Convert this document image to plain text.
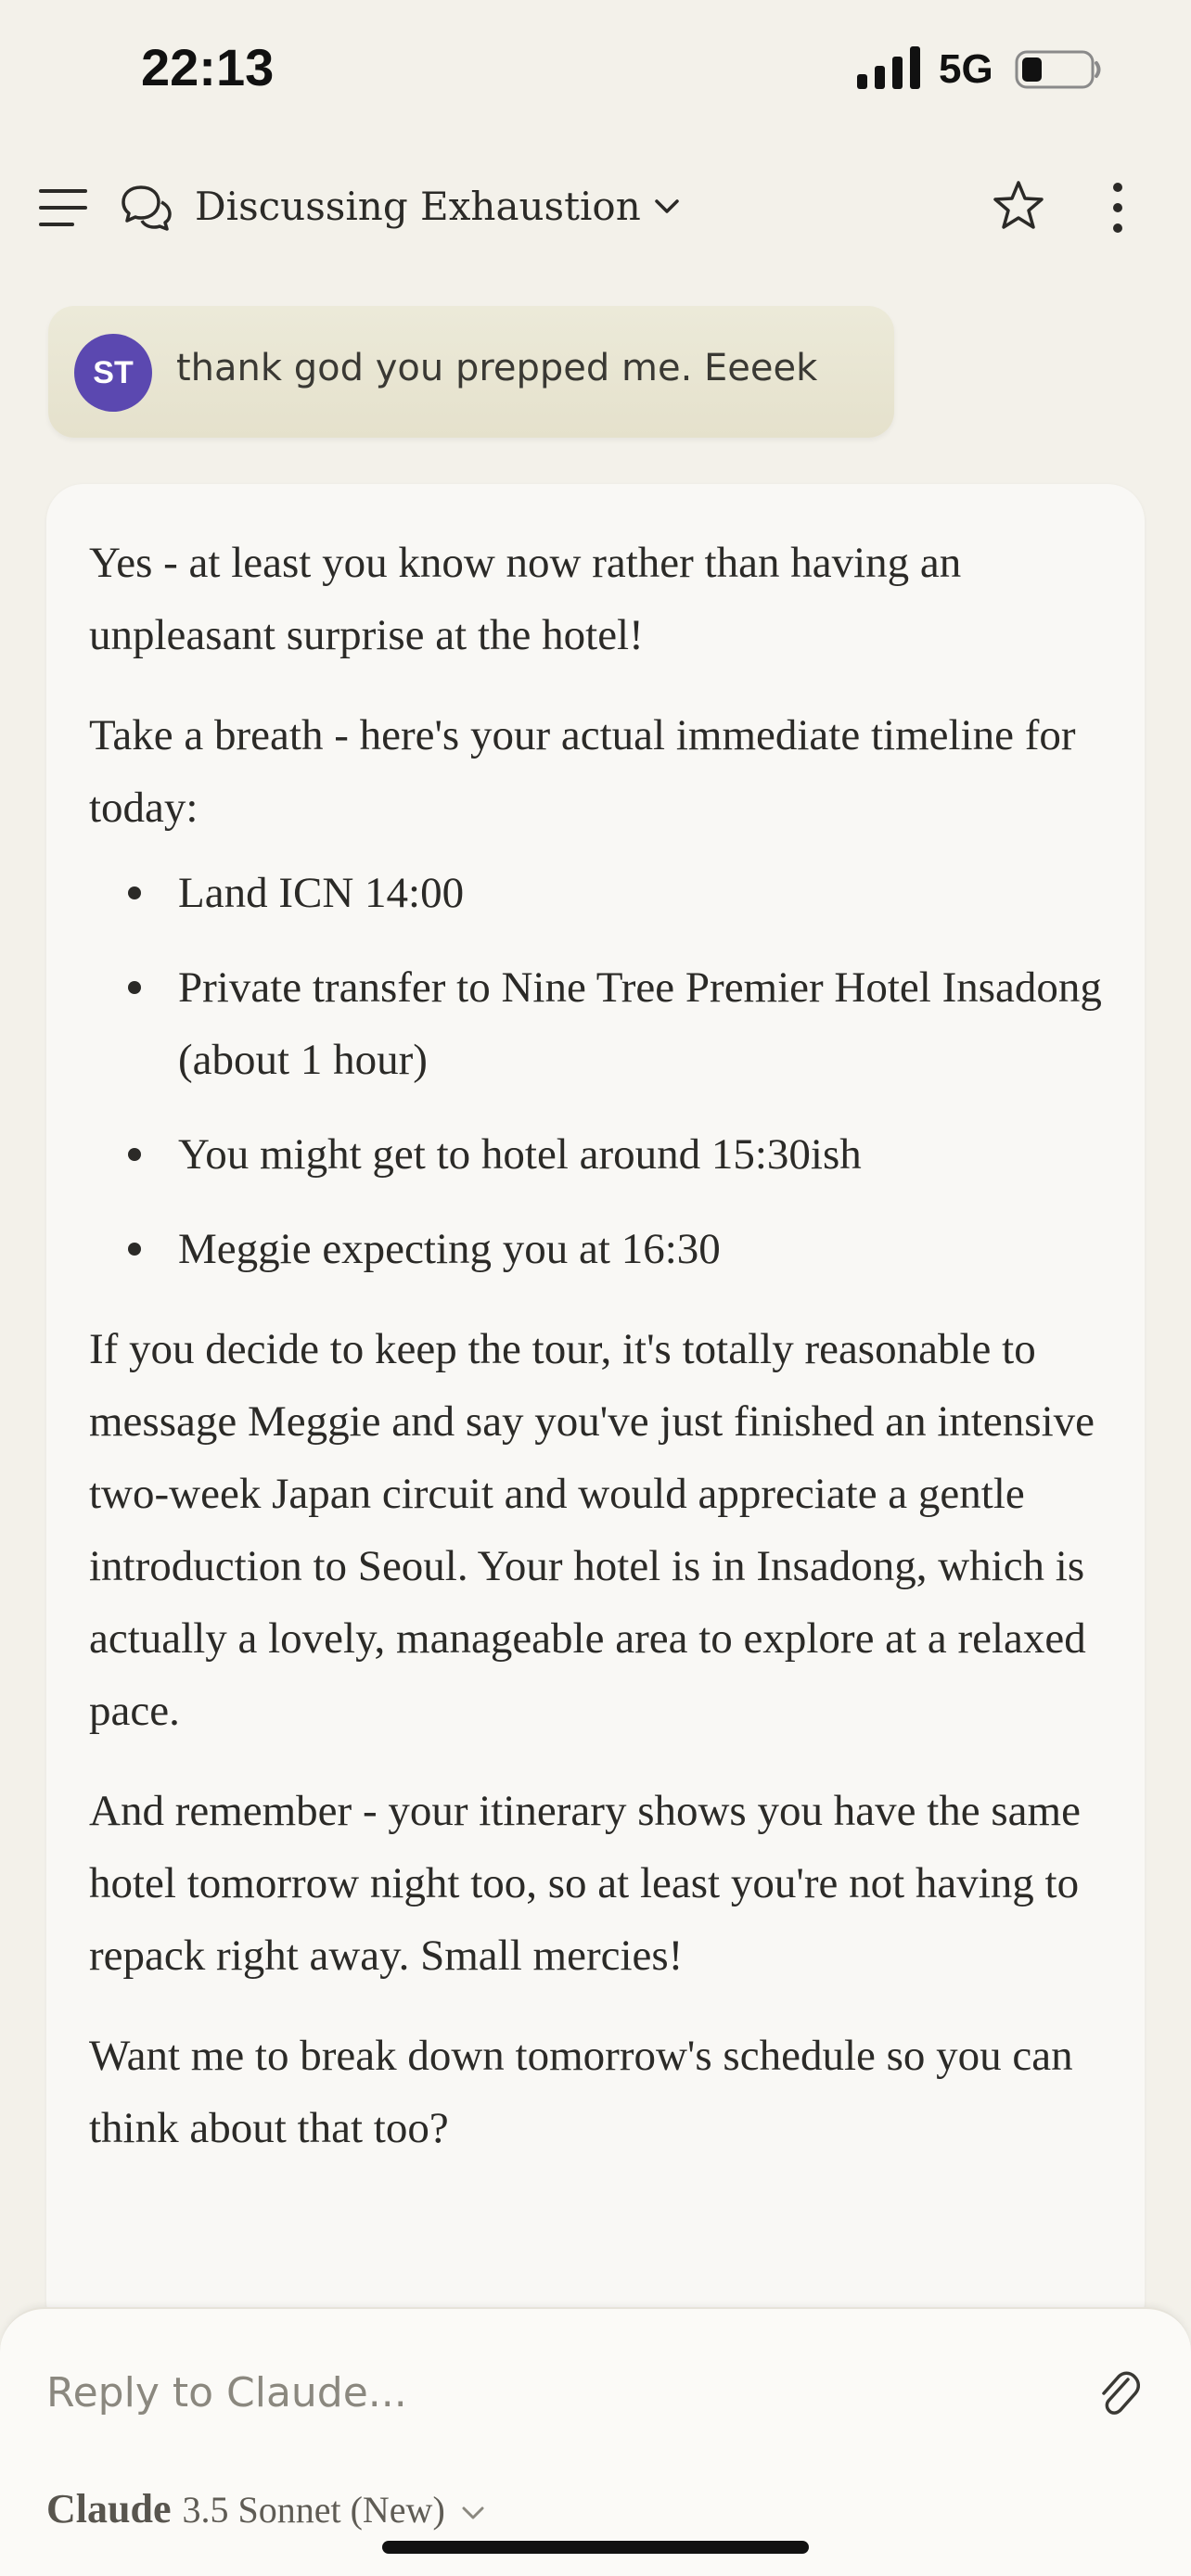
22:13	5G
Discussing Exhaustion
ST	thank god you prepped me. Eeeek

Yes - at least you know now rather than having an unpleasant surprise at the hotel!

Take a breath - here's your actual immediate timeline for today:

Land ICN 14:00
Private transfer to Nine Tree Premier Hotel Insadong (about 1 hour)
You might get to hotel around 15:30ish
Meggie expecting you at 16:30

If you decide to keep the tour, it's totally reasonable to message Meggie and say you've just finished an intensive two-week Japan circuit and would appreciate a gentle introduction to Seoul. Your hotel is in Insadong, which is actually a lovely, manageable area to explore at a relaxed pace.

And remember - your itinerary shows you have the same hotel tomorrow night too, so at least you're not having to repack right away. Small mercies!

Want me to break down tomorrow's schedule so you can think about that too?

Reply to Claude...
Claude 3.5 Sonnet (New)
